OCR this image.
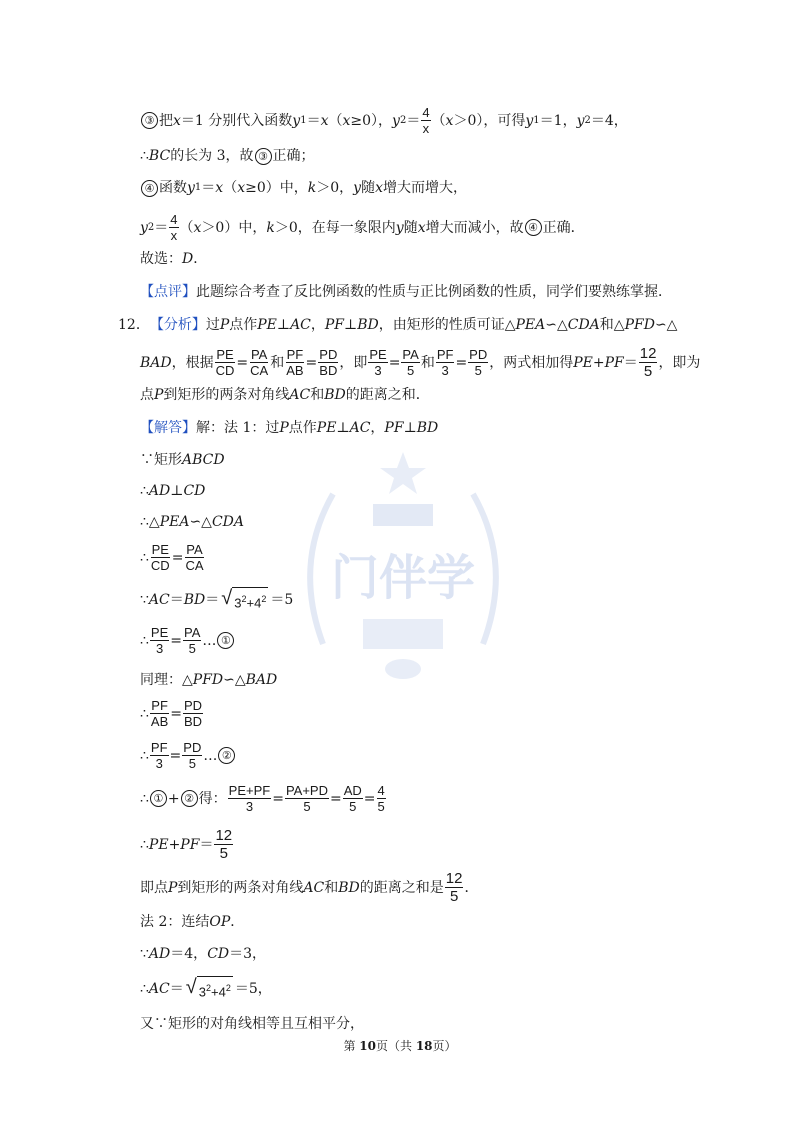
门伴学
③ 把 x ＝1 分别代入函数 y 1 ＝ x （ x ≥0）， y $2 = \frac{4}{x}$ （ x ＞0），可得 y 1 ＝1， y 2 ＝4，
∴ BC 的长为 3，故 ③ 正确；
④ 函数 y 1 ＝ x （ x ≥0）中， k ＞0， y 随 x 增大而增大，
y $2 = \frac{4}{x}$ （ x ＞0）中， k ＞0，在每一象限内 y 随 x 增大而减小，故 ④ 正确．
故选： D ．
【点评】 此题综合考查了反比例函数的性质与正比例函数的性质，同学们要熟练掌握．
12． 【分析】 过 P 点作 PE ⊥ AC ， PF ⊥ BD ，由矩形的性质可证△ PEA ∽△ CDA 和△ PFD ∽△
BAD ，根据 $\frac{PE}{CD} = \frac{PA}{CA}$ 和 $\frac{PF}{AB} = \frac{PD}{BD}$ ，即 $\frac{PE}{3} = \frac{PA}{5}$ 和 $\frac{PF}{3} = \frac{PD}{5}$ ，两式相加得 PE + PF ＝ $\frac{12}{5}$ ，即为
点 P 到矩形的两条对角线 AC 和 BD 的距离之和．
【解答】 解：法 1：过 P 点作 PE ⊥ AC ， PF ⊥ BD
∵矩形 ABCD
∴ AD ⊥ CD
∴△ PEA ∽△ CDA
∴ $\frac{PE}{CD} = \frac{PA}{CA}$
∵ AC ＝ BD ＝ √ $3^2+4^2 =5$
∴ $\frac{PE}{3} = \frac{PA}{5}$ … ①
同理：△ PFD ∽△ BAD
∴ $\frac{PF}{AB} = \frac{PD}{BD}$
∴ $\frac{PF}{3} = \frac{PD}{5}$ … ②
∴ ① + ② 得： $\frac{PE+PF}{3} = \frac{PA+PD}{5} = \frac{AD}{5} = \frac{4}{5}$
∴ PE + PF ＝ $\frac{12}{5}$
即点 P 到矩形的两条对角线 AC 和 BD 的距离之和是 $\frac{12}{5}$ ．
法 2：连结 OP ．
∵ AD ＝4， CD ＝3，
∴ AC ＝ √ $3^2+4^2 =5$，
又∵矩形的对角线相等且互相平分，
第 10页（共 18页）
